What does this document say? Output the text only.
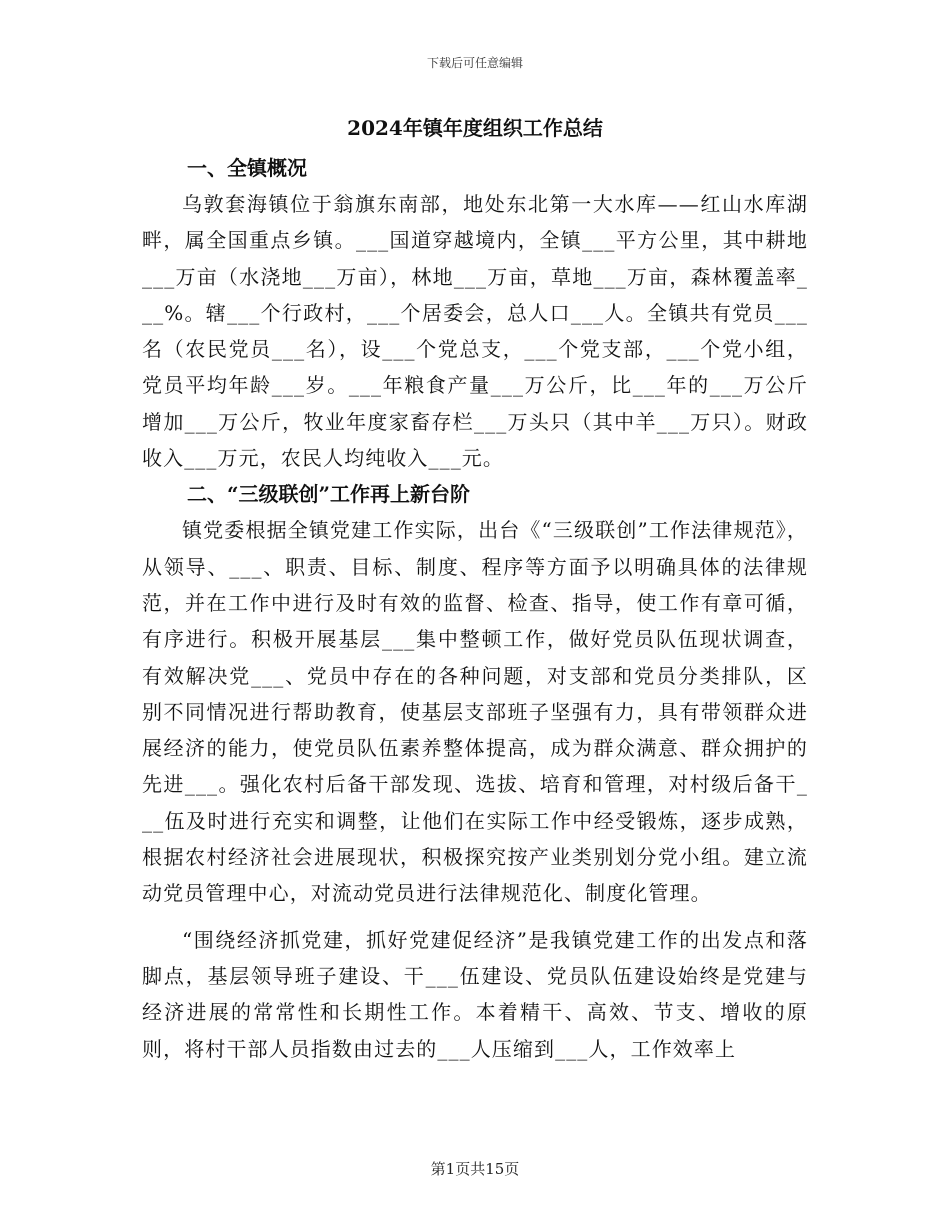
下载后可任意编辑
2024年镇年度组织工作总结
一、全镇概况

乌敦套海镇位于翁旗东南部，地处东北第一大水库——红山水库湖畔，属全国重点乡镇。___国道穿越境内，全镇___平方公里，其中耕地___万亩（水浇地___万亩），林地___万亩，草地___万亩，森林覆盖率___%。辖___个行政村，___个居委会，总人口___人。全镇共有党员___名（农民党员___名），设___个党总支，___个党支部，___个党小组，党员平均年龄___岁。___年粮食产量___万公斤，比___年的___万公斤增加___万公斤，牧业年度家畜存栏___万头只（其中羊___万只）。财政收入___万元，农民人均纯收入___元。

二、“三级联创”工作再上新台阶

镇党委根据全镇党建工作实际，出台《“三级联创”工作法律规范》，从领导、___、职责、目标、制度、程序等方面予以明确具体的法律规范，并在工作中进行及时有效的监督、检查、指导，使工作有章可循，有序进行。积极开展基层___集中整顿工作，做好党员队伍现状调查，有效解决党___、党员中存在的各种问题，对支部和党员分类排队，区别不同情况进行帮助教育，使基层支部班子坚强有力，具有带领群众进展经济的能力，使党员队伍素养整体提高，成为群众满意、群众拥护的先进___。强化农村后备干部发现、选拔、培育和管理，对村级后备干___伍及时进行充实和调整，让他们在实际工作中经受锻炼，逐步成熟，根据农村经济社会进展现状，积极探究按产业类别划分党小组。建立流动党员管理中心，对流动党员进行法律规范化、制度化管理。

“围绕经济抓党建，抓好党建促经济”是我镇党建工作的出发点和落脚点，基层领导班子建设、干___伍建设、党员队伍建设始终是党建与经济进展的常常性和长期性工作。本着精干、高效、节支、增收的原则，将村干部人员指数由过去的___人压缩到___人，工作效率上

第1页共15页
